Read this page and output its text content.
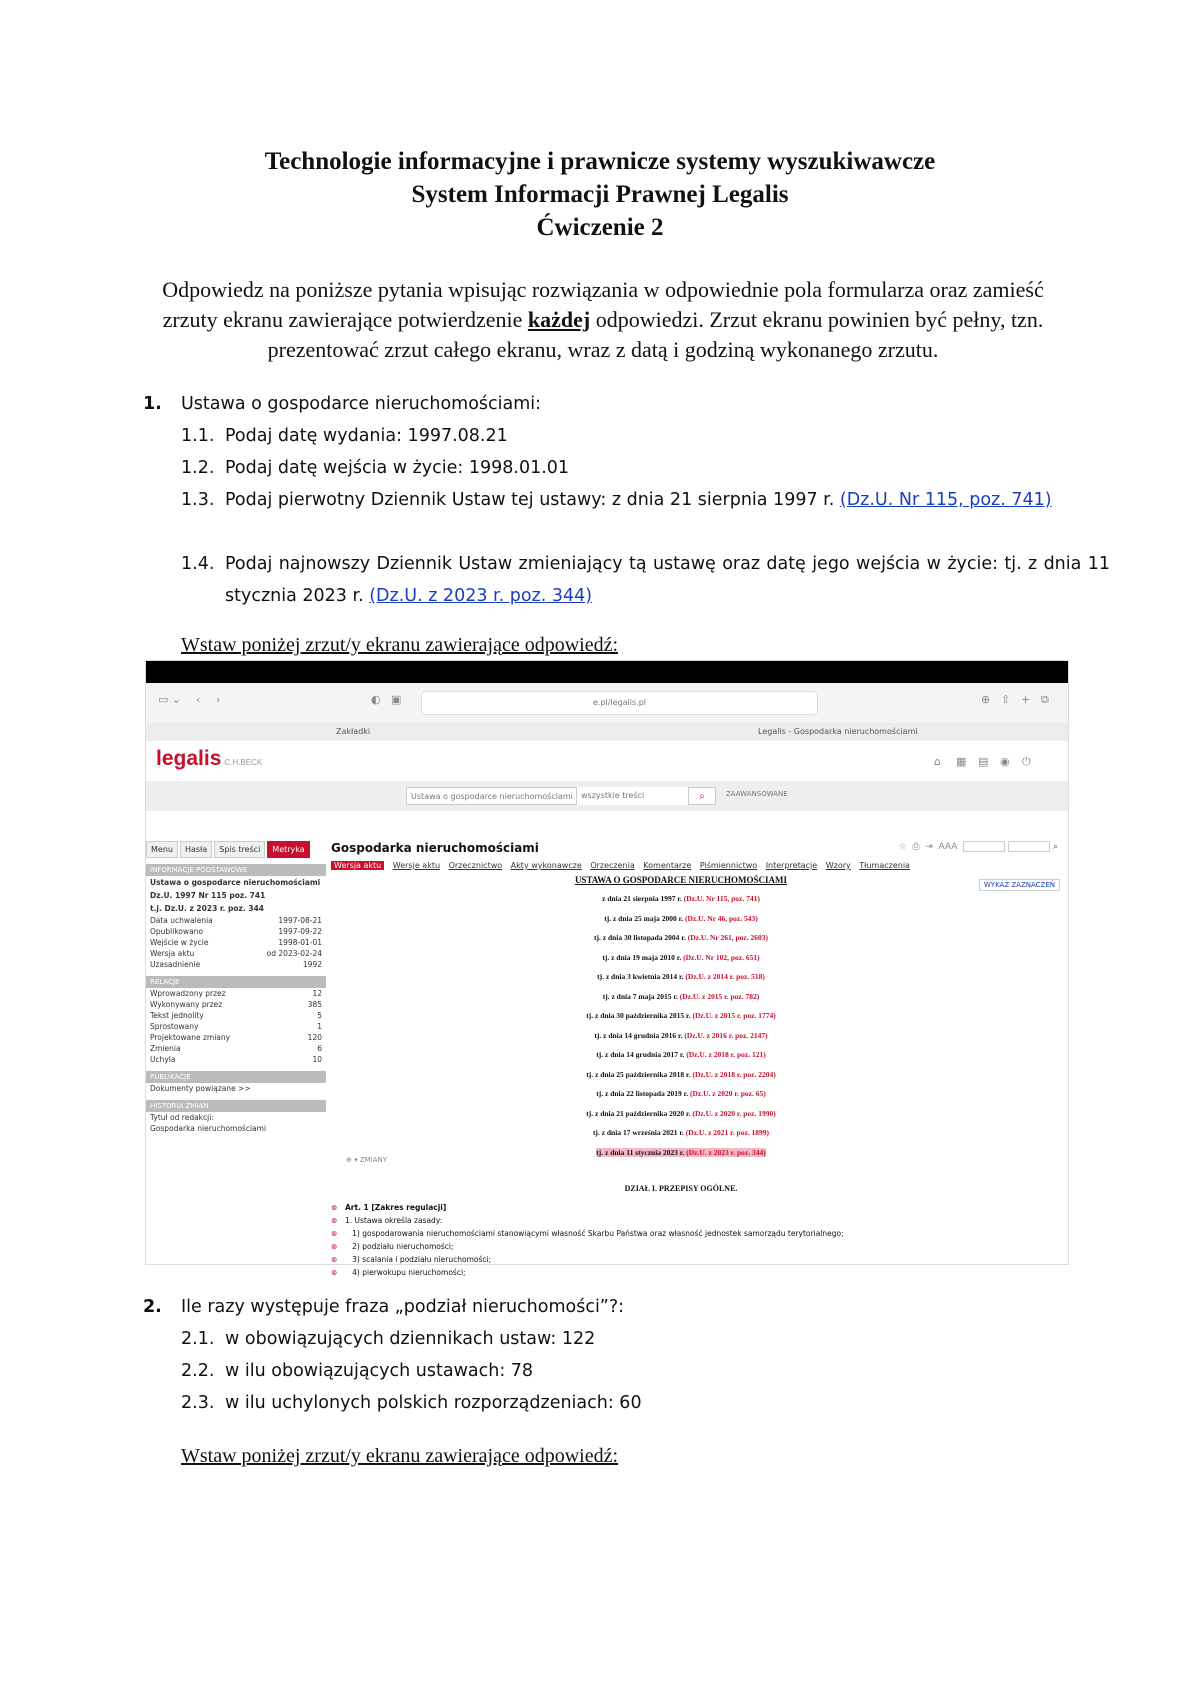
Technologie informacyjne i prawnicze systemy wyszukiwawcze
System Informacji Prawnej Legalis
Ćwiczenie 2
Odpowiedz na poniższe pytania wpisując rozwiązania w odpowiednie pola formularza oraz zamieść zrzuty ekranu zawierające potwierdzenie każdej odpowiedzi. Zrzut ekranu powinien być pełny, tzn. prezentować zrzut całego ekranu, wraz z datą i godziną wykonanego zrzutu.
1. Ustawa o gospodarce nieruchomościami:
1.1. Podaj datę wydania: 1997.08.21
1.2. Podaj datę wejścia w życie: 1998.01.01
1.3. Podaj pierwotny Dziennik Ustaw tej ustawy: z dnia 21 sierpnia 1997 r. (Dz.U. Nr 115, poz. 741)
1.4. Podaj najnowszy Dziennik Ustaw zmieniający tą ustawę oraz datę jego wejścia w życie: tj. z dnia 11 stycznia 2023 r. (Dz.U. z 2023 r. poz. 344)
Wstaw poniżej zrzut/y ekranu zawierające odpowiedź:
▭ ⌄ ‹ ›	◐ ▣	e.pl/legalis.pl	⊕ ⇧ + ⧉
Zakładki	Legalis - Gospodarka nieruchomościami
legalis C.H.BECK	⌂ ▦ ▤ ◉ ⏻
Ustawa o gospodarce nieruchomościami	wszystkie treści	⌕	ZAAWANSOWANE
Menu	Hasła	Spis treści	Metryka
INFORMACJE PODSTAWOWE
Ustawa o gospodarce nieruchomościami
Dz.U. 1997 Nr 115 poz. 741
t.j. Dz.U. z 2023 r. poz. 344
Data uchwalenia	1997-08-21
Opublikowano	1997-09-22
Wejście w życie	1998-01-01
Wersja aktu	od 2023-02-24
Uzasadnienie	1992
RELACJE
Wprowadzony przez	12
Wykonywany przez	385
Tekst jednolity	5
Sprostowany	1
Projektowane zmiany	120
Zmienia	6
Uchyla	10
PUBLIKACJE
Dokumenty powiązane >>
HISTORIA ZMIAN
Tytuł od redakcji:
Gospodarka nieruchomościami
Gospodarka nieruchomościami	☆ ⎙ ⇥ AAA	⌕
Wersja aktu Wersje aktu Orzecznictwo Akty wykonawcze Orzeczenia Komentarze Piśmiennictwo Interpretacje Wzory Tłumaczenia
WYKAZ ZAZNACZEŃ
USTAWA O GOSPODARCE NIERUCHOMOŚCIAMI
z dnia 21 sierpnia 1997 r. (Dz.U. Nr 115, poz. 741)
tj. z dnia 25 maja 2000 r. (Dz.U. Nr 46, poz. 543)
tj. z dnia 30 listopada 2004 r. (Dz.U. Nr 261, poz. 2603)
tj. z dnia 19 maja 2010 r. (Dz.U. Nr 102, poz. 651)
tj. z dnia 3 kwietnia 2014 r. (Dz.U. z 2014 r. poz. 518)
tj. z dnia 7 maja 2015 r. (Dz.U. z 2015 r. poz. 782)
tj. z dnia 30 października 2015 r. (Dz.U. z 2015 r. poz. 1774)
tj. z dnia 14 grudnia 2016 r. (Dz.U. z 2016 r. poz. 2147)
tj. z dnia 14 grudnia 2017 r. (Dz.U. z 2018 r. poz. 121)
tj. z dnia 25 października 2018 r. (Dz.U. z 2018 r. poz. 2204)
tj. z dnia 22 listopada 2019 r. (Dz.U. z 2020 r. poz. 65)
tj. z dnia 21 października 2020 r. (Dz.U. z 2020 r. poz. 1990)
tj. z dnia 17 września 2021 r. (Dz.U. z 2021 r. poz. 1899)
tj. z dnia 11 stycznia 2023 r. (Dz.U. z 2023 r. poz. 344)
⊕ ▾ ZMIANY
DZIAŁ I. PRZEPISY OGÓLNE.
⊗ Art. 1 [Zakres regulacji]
⊗ 1. Ustawa określa zasady:
⊗ 1) gospodarowania nieruchomościami stanowiącymi własność Skarbu Państwa oraz własność jednostek samorządu terytorialnego;
⊗ 2) podziału nieruchomości;
⊗ 3) scalania i podziału nieruchomości;
⊗ 4) pierwokupu nieruchomości;
2. Ile razy występuje fraza „podział nieruchomości”?:
2.1. w obowiązujących dziennikach ustaw: 122
2.2. w ilu obowiązujących ustawach: 78
2.3. w ilu uchylonych polskich rozporządzeniach: 60
Wstaw poniżej zrzut/y ekranu zawierające odpowiedź:
